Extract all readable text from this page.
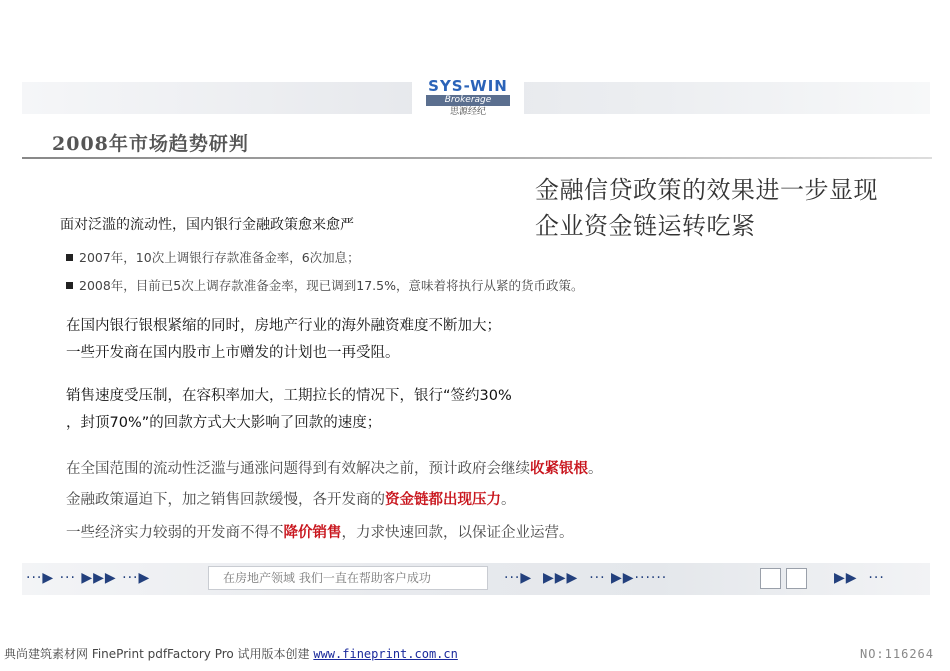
SYS-WIN
Brokerage
思源经纪
2008年市场趋势研判
金融信贷政策的效果进一步显现
企业资金链运转吃紧
面对泛滥的流动性，国内银行金融政策愈来愈严
2007年，10次上调银行存款准备金率，6次加息；
2008年，目前已5次上调存款准备金率，现已调到17.5%，意味着将执行从紧的货币政策。
在国内银行银根紧缩的同时，房地产行业的海外融资难度不断加大；
一些开发商在国内股市上市赠发的计划也一再受阻。
销售速度受压制，在容积率加大，工期拉长的情况下，银行“签约30%
，封顶70%”的回款方式大大影响了回款的速度；
在全国范围的流动性泛滥与通涨问题得到有效解决之前，预计政府会继续收紧银根。
金融政策逼迫下，加之销售回款缓慢，各开发商的资金链都出现压力。
一些经济实力较弱的开发商不得不降价销售，力求快速回款，以保证企业运营。
···▶ ··· ▶▶▶ ···▶	在房地产领域 我们一直在帮助客户成功	···▶  ▶▶▶  ··· ▶▶······	▶▶  ···
典尚建筑素材网 FinePrint pdfFactory Pro 试用版本创建 www.fineprint.com.cn	NO:116264
